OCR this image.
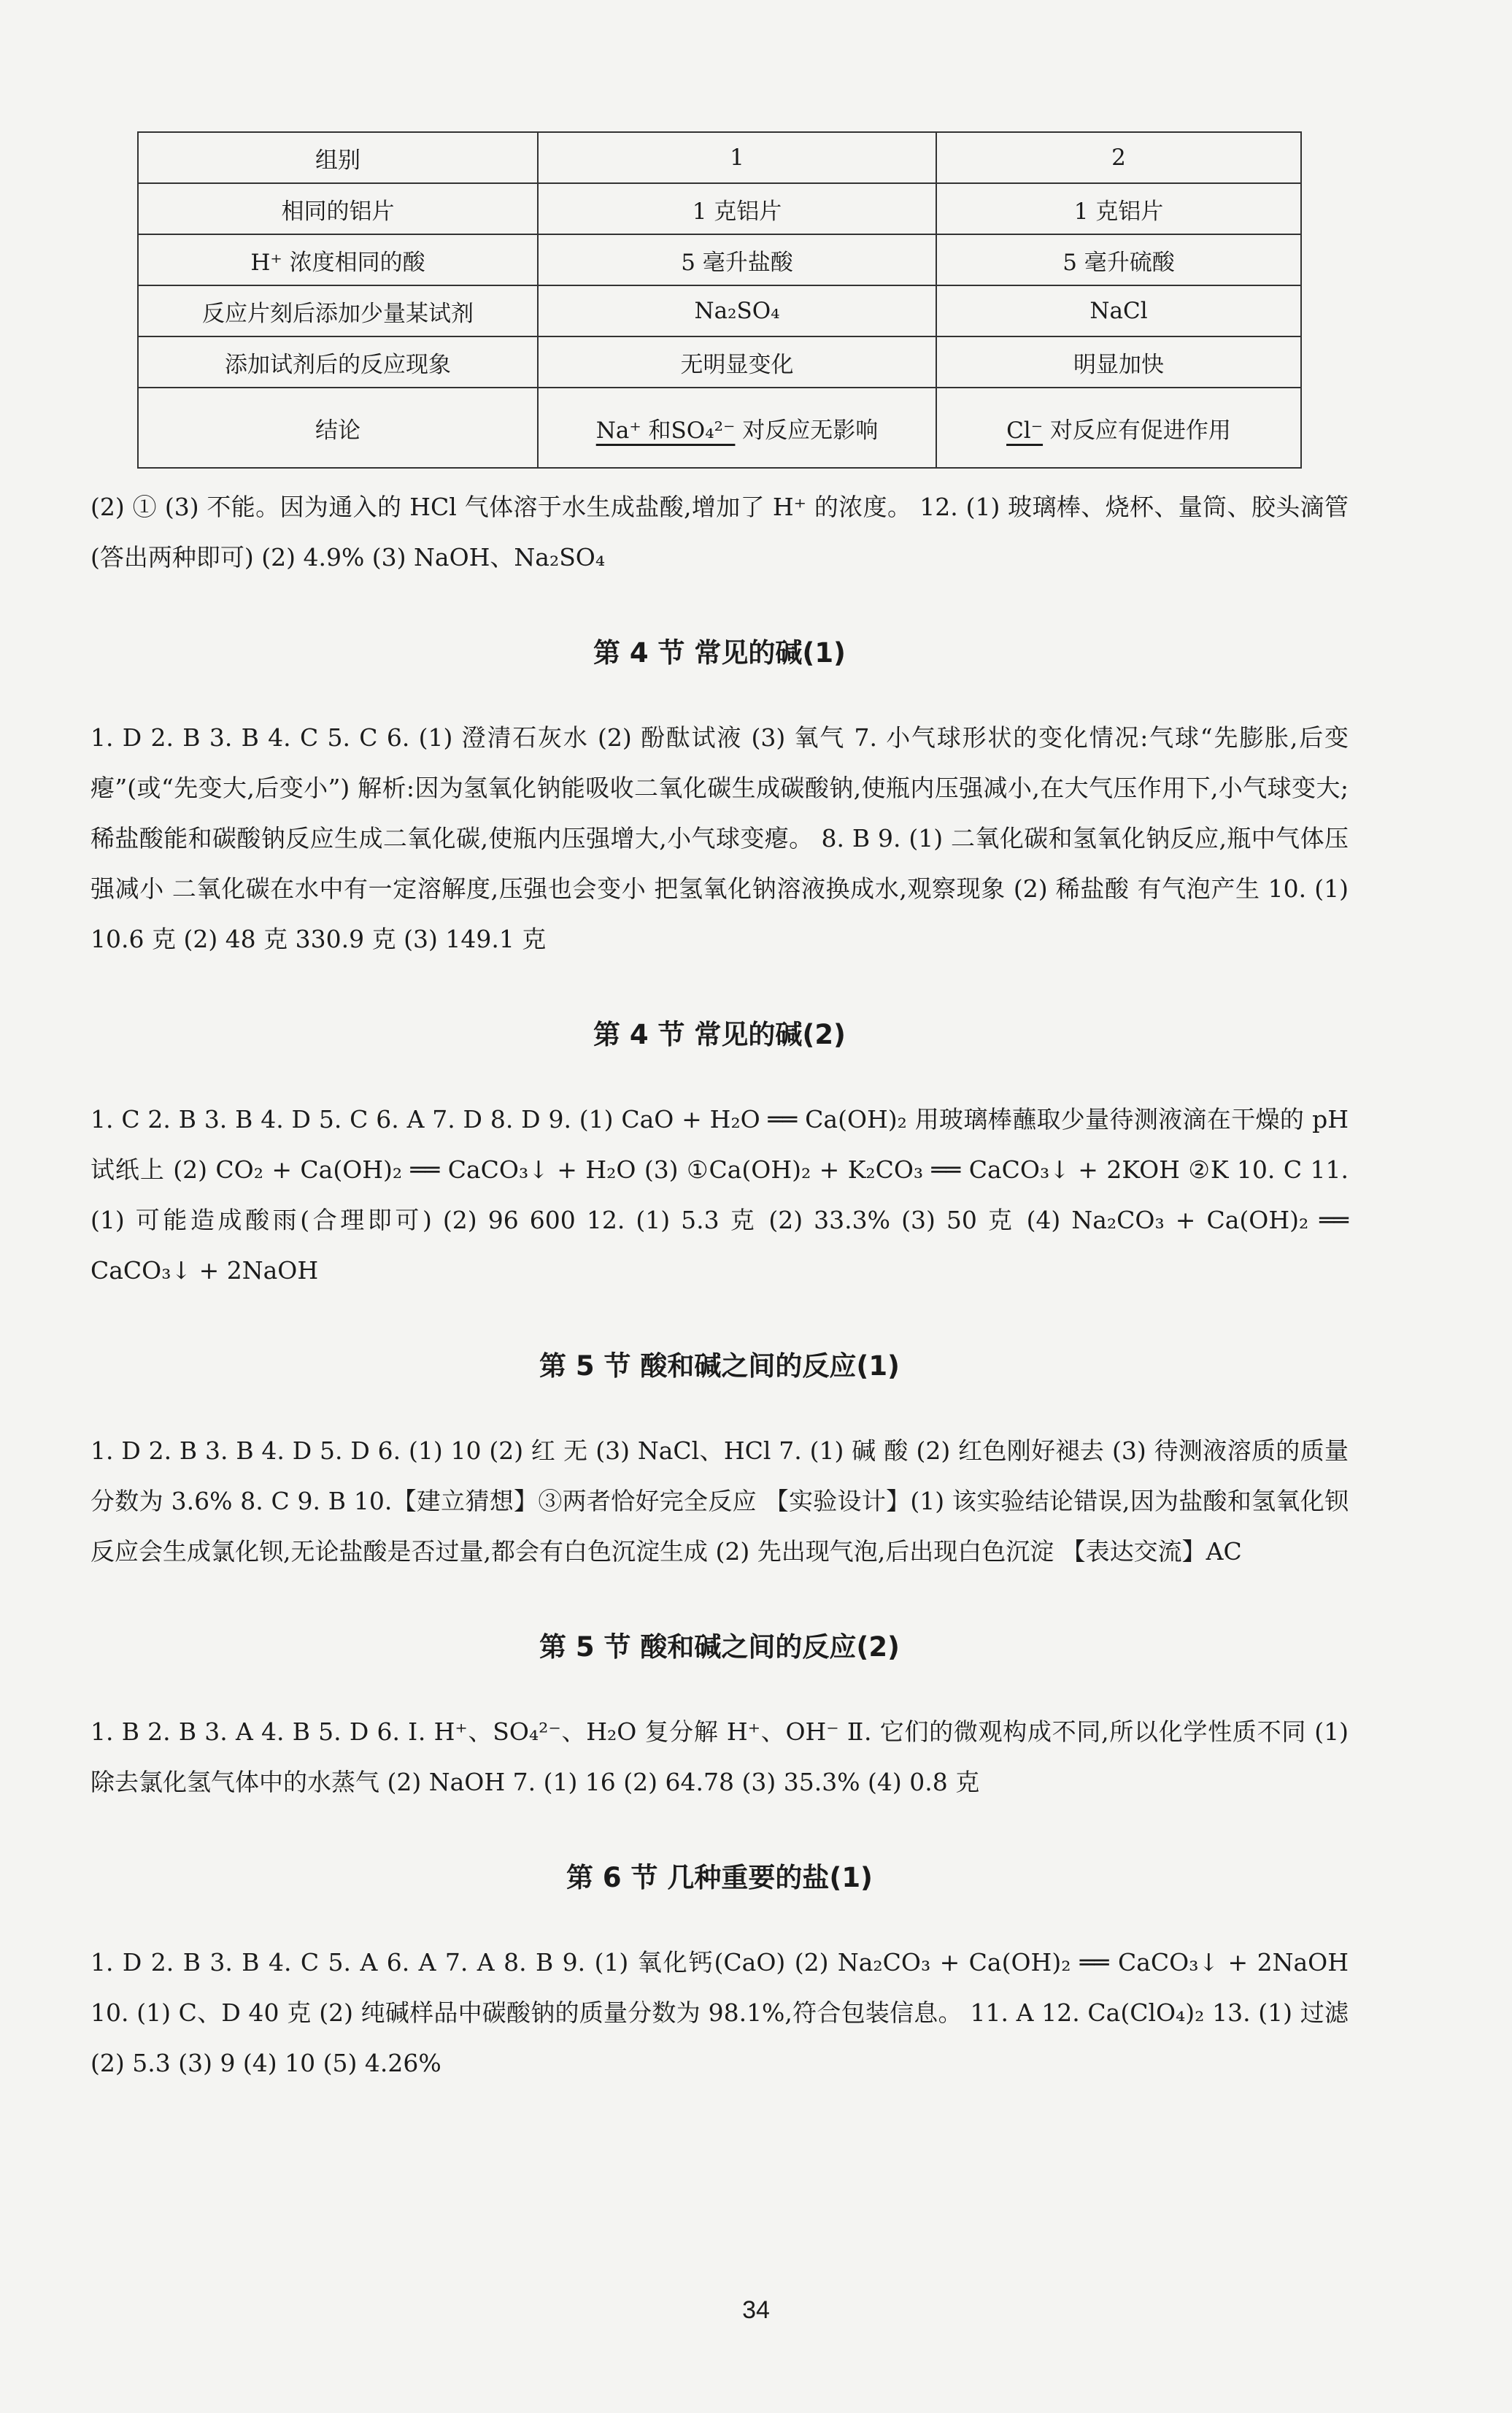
组别	1	2
相同的铝片	1 克铝片	1 克铝片
H⁺ 浓度相同的酸	5 毫升盐酸	5 毫升硫酸
反应片刻后添加少量某试剂	Na₂SO₄	NaCl
添加试剂后的反应现象	无明显变化	明显加快
结论	Na⁺ 和SO₄²⁻ 对反应无影响	Cl⁻ 对反应有促进作用

(2) ① (3) 不能。因为通入的 HCl 气体溶于水生成盐酸,增加了 H⁺ 的浓度。 12. (1) 玻璃棒、烧杯、量筒、胶头滴管(答出两种即可) (2) 4.9% (3) NaOH、Na₂SO₄

第 4 节 常见的碱(1)

1. D 2. B 3. B 4. C 5. C 6. (1) 澄清石灰水 (2) 酚酞试液 (3) 氧气 7. 小气球形状的变化情况:气球“先膨胀,后变瘪”(或“先变大,后变小”) 解析:因为氢氧化钠能吸收二氧化碳生成碳酸钠,使瓶内压强减小,在大气压作用下,小气球变大;稀盐酸能和碳酸钠反应生成二氧化碳,使瓶内压强增大,小气球变瘪。 8. B 9. (1) 二氧化碳和氢氧化钠反应,瓶中气体压强减小 二氧化碳在水中有一定溶解度,压强也会变小 把氢氧化钠溶液换成水,观察现象 (2) 稀盐酸 有气泡产生 10. (1) 10.6 克 (2) 48 克 330.9 克 (3) 149.1 克

第 4 节 常见的碱(2)

1. C 2. B 3. B 4. D 5. C 6. A 7. D 8. D 9. (1) CaO + H₂O ══ Ca(OH)₂ 用玻璃棒蘸取少量待测液滴在干燥的 pH 试纸上 (2) CO₂ + Ca(OH)₂ ══ CaCO₃↓ + H₂O (3) ①Ca(OH)₂ + K₂CO₃ ══ CaCO₃↓ + 2KOH ②K 10. C 11. (1) 可能造成酸雨(合理即可) (2) 96 600 12. (1) 5.3 克 (2) 33.3% (3) 50 克 (4) Na₂CO₃ + Ca(OH)₂ ══ CaCO₃↓ + 2NaOH

第 5 节 酸和碱之间的反应(1)

1. D 2. B 3. B 4. D 5. D 6. (1) 10 (2) 红 无 (3) NaCl、HCl 7. (1) 碱 酸 (2) 红色刚好褪去 (3) 待测液溶质的质量分数为 3.6% 8. C 9. B 10.【建立猜想】③两者恰好完全反应 【实验设计】(1) 该实验结论错误,因为盐酸和氢氧化钡反应会生成氯化钡,无论盐酸是否过量,都会有白色沉淀生成 (2) 先出现气泡,后出现白色沉淀 【表达交流】AC

第 5 节 酸和碱之间的反应(2)

1. B 2. B 3. A 4. B 5. D 6. Ⅰ. H⁺、SO₄²⁻、H₂O 复分解 H⁺、OH⁻ Ⅱ. 它们的微观构成不同,所以化学性质不同 (1) 除去氯化氢气体中的水蒸气 (2) NaOH 7. (1) 16 (2) 64.78 (3) 35.3% (4) 0.8 克

第 6 节 几种重要的盐(1)

1. D 2. B 3. B 4. C 5. A 6. A 7. A 8. B 9. (1) 氧化钙(CaO) (2) Na₂CO₃ + Ca(OH)₂ ══ CaCO₃↓ + 2NaOH 10. (1) C、D 40 克 (2) 纯碱样品中碳酸钠的质量分数为 98.1%,符合包装信息。 11. A 12. Ca(ClO₄)₂ 13. (1) 过滤 (2) 5.3 (3) 9 (4) 10 (5) 4.26%

34
